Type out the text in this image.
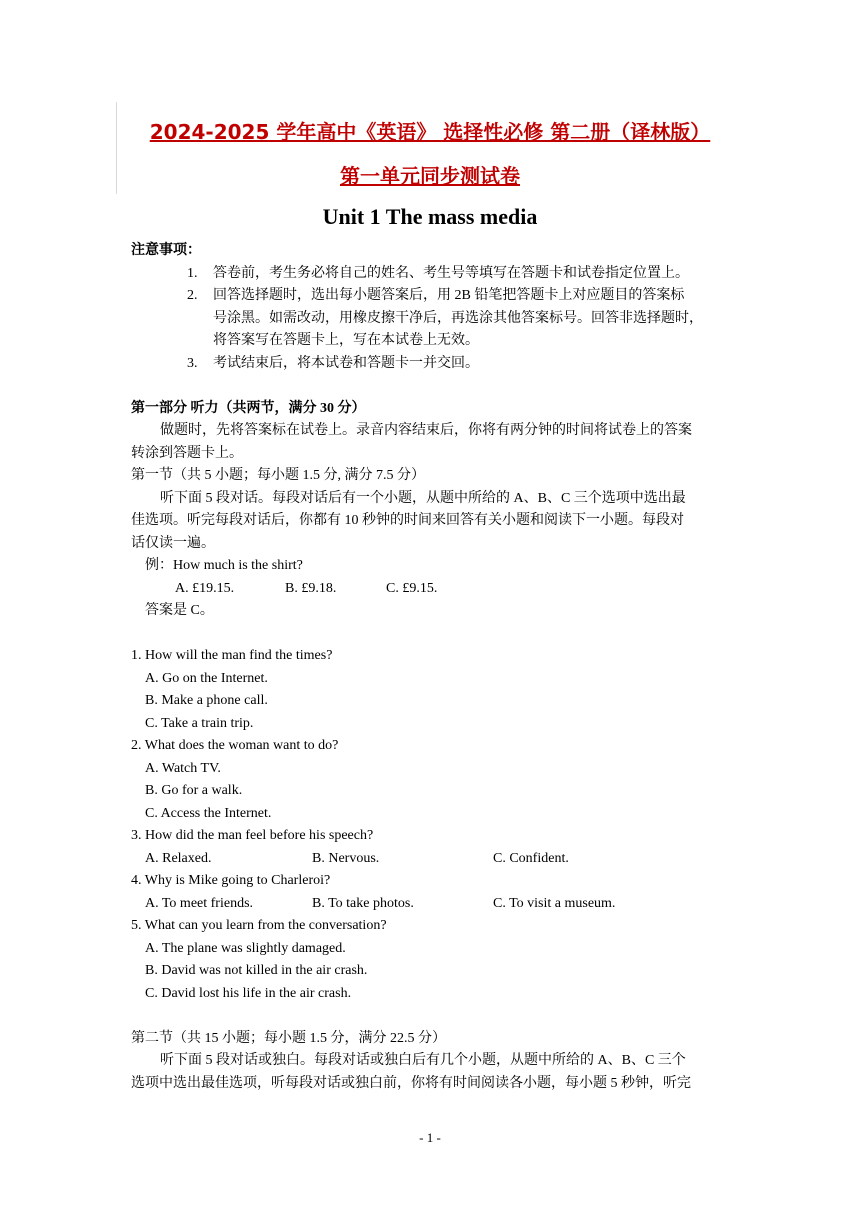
2024-2025 学年高中《英语》 选择性必修 第二册（译林版）
第一单元同步测试卷
Unit 1 The mass media
注意事项：
1. 答卷前，考生务必将自己的姓名、考生号等填写在答题卡和试卷指定位置上。
2. 回答选择题时，选出每小题答案后，用 2B 铅笔把答题卡上对应题目的答案标
号涂黑。如需改动，用橡皮擦干净后，再选涂其他答案标号。回答非选择题时，
将答案写在答题卡上，写在本试卷上无效。
3. 考试结束后，将本试卷和答题卡一并交回。
第一部分 听力（共两节，满分 30 分）
做题时，先将答案标在试卷上。录音内容结束后，你将有两分钟的时间将试卷上的答案
转涂到答题卡上。
第一节（共 5 小题；每小题 1.5 分, 满分 7.5 分）
听下面 5 段对话。每段对话后有一个小题，从题中所给的 A、B、C 三个选项中选出最
佳选项。听完每段对话后，你都有 10 秒钟的时间来回答有关小题和阅读下一小题。每段对
话仅读一遍。
例：How much is the shirt?
A. £19.15.	B. £9.18.	C. £9.15.
答案是 C。
1. How will the man find the times?
A. Go on the Internet.
B. Make a phone call.
C. Take a train trip.
2. What does the woman want to do?
A. Watch TV.
B. Go for a walk.
C. Access the Internet.
3. How did the man feel before his speech?
A. Relaxed.	B. Nervous.	C. Confident.
4. Why is Mike going to Charleroi?
A. To meet friends.	B. To take photos.	C. To visit a museum.
5. What can you learn from the conversation?
A. The plane was slightly damaged.
B. David was not killed in the air crash.
C. David lost his life in the air crash.
第二节（共 15 小题；每小题 1.5 分，满分 22.5 分）
听下面 5 段对话或独白。每段对话或独白后有几个小题，从题中所给的 A、B、C 三个
选项中选出最佳选项，听每段对话或独白前，你将有时间阅读各小题，每小题 5 秒钟，听完
- 1 -
